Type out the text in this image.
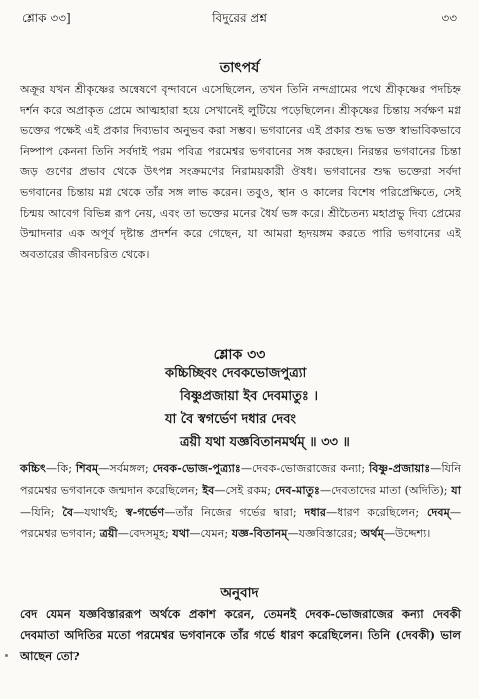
শ্লোক ৩৩]	বিদুরের প্রশ্ন	৩৩
তাৎপর্য
অক্রূর যখন শ্রীকৃষ্ণের অন্বেষণে বৃন্দাবনে এসেছিলেন, তখন তিনি নন্দগ্রামের পথে শ্রীকৃষ্ণের পদচিহ্ন দর্শন করে অপ্রাকৃত প্রেমে আত্মহারা হয়ে সেখানেই লুটিয়ে পড়েছিলেন। শ্রীকৃষ্ণের চিন্তায় সর্বক্ষণ মগ্ন ভক্তের পক্ষেই এই প্রকার দিব্যভাব অনুভব করা সম্ভব। ভগবানের এই প্রকার শুদ্ধ ভক্ত স্বাভাবিকভাবে নিষ্পাপ কেননা তিনি সর্বদাই পরম পবিত্র পরমেশ্বর ভগবানের সঙ্গ করছেন। নিরন্তর ভগবানের চিন্তা জড় গুণের প্রভাব থেকে উৎপন্ন সংক্রমণের নিরাময়কারী ঔষধ। ভগবানের শুদ্ধ ভক্তেরা সর্বদা ভগবানের চিন্তায় মগ্ন থেকে তাঁর সঙ্গ লাভ করেন। তবুও, স্থান ও কালের বিশেষ পরিপ্রেক্ষিতে, সেই চিন্ময় আবেগ বিভিন্ন রূপ নেয়, এবং তা ভক্তের মনের ধৈর্য ভঙ্গ করে। শ্রীচৈতন্য মহাপ্রভু দিব্য প্রেমের উন্মাদনার এক অপূর্ব দৃষ্টান্ত প্রদর্শন করে গেছেন, যা আমরা হৃদয়ঙ্গম করতে পারি ভগবানের এই অবতারের জীবনচরিত থেকে।
শ্লোক ৩৩
কচ্চিচ্ছিবং দেবকভোজপুত্র্যা
বিষ্ণুপ্রজায়া ইব দেবমাতুঃ ।
যা বৈ স্বগর্ভেণ দধার দেবং
ত্রয়ী যথা যজ্ঞবিতানমর্থম্ ॥ ৩৩ ॥
কচ্চিৎ—কি; শিবম্—সর্বমঙ্গল; দেবক-ভোজ-পুত্র্যাঃ—দেবক-ভোজরাজের কন্যা; বিষ্ণু-প্রজায়াঃ—যিনি পরমেশ্বর ভগবানকে জন্মদান করেছিলেন; ইব—সেই রকম; দেব-মাতুঃ—দেবতাদের মাতা (অদিতি); যা—যিনি; বৈ—যথার্থই; স্ব-গর্ভেণ—তাঁর নিজের গর্ভের দ্বারা; দধার—ধারণ করেছিলেন; দেবম্—পরমেশ্বর ভগবান; ত্রয়ী—বেদসমূহ; যথা—যেমন; যজ্ঞ-বিতানম্—যজ্ঞবিস্তারের; অর্থম্—উদ্দেশ্য।
অনুবাদ
বেদ যেমন যজ্ঞবিস্তাররূপ অর্থকে প্রকাশ করেন, তেমনই দেবক-ভোজরাজের কন্যা দেবকী দেবমাতা অদিতির মতো পরমেশ্বর ভগবানকে তাঁর গর্ভে ধারণ করেছিলেন। তিনি (দেবকী) ভাল আছেন তো?
